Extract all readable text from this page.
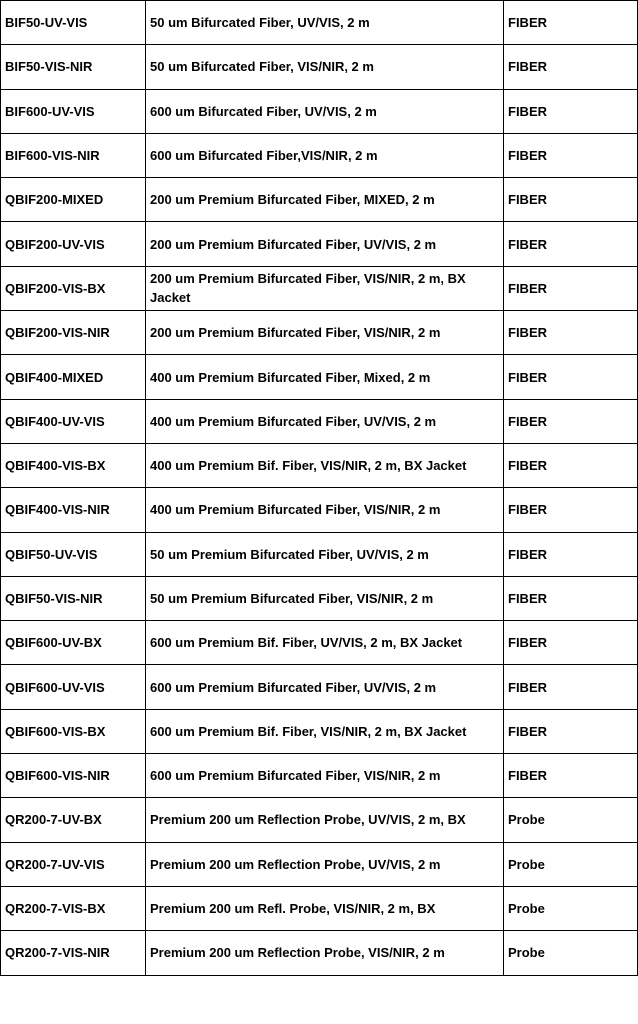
BIF50-UV-VIS	50 um Bifurcated Fiber, UV/VIS, 2 m	FIBER
BIF50-VIS-NIR	50 um Bifurcated Fiber, VIS/NIR, 2 m	FIBER
BIF600-UV-VIS	600 um Bifurcated Fiber, UV/VIS, 2 m	FIBER
BIF600-VIS-NIR	600 um Bifurcated Fiber,VIS/NIR, 2 m	FIBER
QBIF200-MIXED	200 um Premium Bifurcated Fiber, MIXED, 2 m	FIBER
QBIF200-UV-VIS	200 um Premium Bifurcated Fiber, UV/VIS, 2 m	FIBER
QBIF200-VIS-BX	200 um Premium Bifurcated Fiber, VIS/NIR, 2 m, BX Jacket	FIBER
QBIF200-VIS-NIR	200 um Premium Bifurcated Fiber, VIS/NIR, 2 m	FIBER
QBIF400-MIXED	400 um Premium Bifurcated Fiber, Mixed, 2 m	FIBER
QBIF400-UV-VIS	400 um Premium Bifurcated Fiber, UV/VIS, 2 m	FIBER
QBIF400-VIS-BX	400 um Premium Bif. Fiber, VIS/NIR, 2 m, BX Jacket	FIBER
QBIF400-VIS-NIR	400 um Premium Bifurcated Fiber, VIS/NIR, 2 m	FIBER
QBIF50-UV-VIS	50 um Premium Bifurcated Fiber, UV/VIS, 2 m	FIBER
QBIF50-VIS-NIR	50 um Premium Bifurcated Fiber, VIS/NIR, 2 m	FIBER
QBIF600-UV-BX	600 um Premium Bif. Fiber, UV/VIS, 2 m, BX Jacket	FIBER
QBIF600-UV-VIS	600 um Premium Bifurcated Fiber, UV/VIS, 2 m	FIBER
QBIF600-VIS-BX	600 um Premium Bif. Fiber, VIS/NIR, 2 m, BX Jacket	FIBER
QBIF600-VIS-NIR	600 um Premium Bifurcated Fiber, VIS/NIR, 2 m	FIBER
QR200-7-UV-BX	Premium 200 um Reflection Probe, UV/VIS, 2 m, BX	Probe
QR200-7-UV-VIS	Premium 200 um Reflection Probe, UV/VIS, 2 m	Probe
QR200-7-VIS-BX	Premium 200 um Refl. Probe, VIS/NIR, 2 m, BX	Probe
QR200-7-VIS-NIR	Premium 200 um Reflection Probe, VIS/NIR, 2 m	Probe
